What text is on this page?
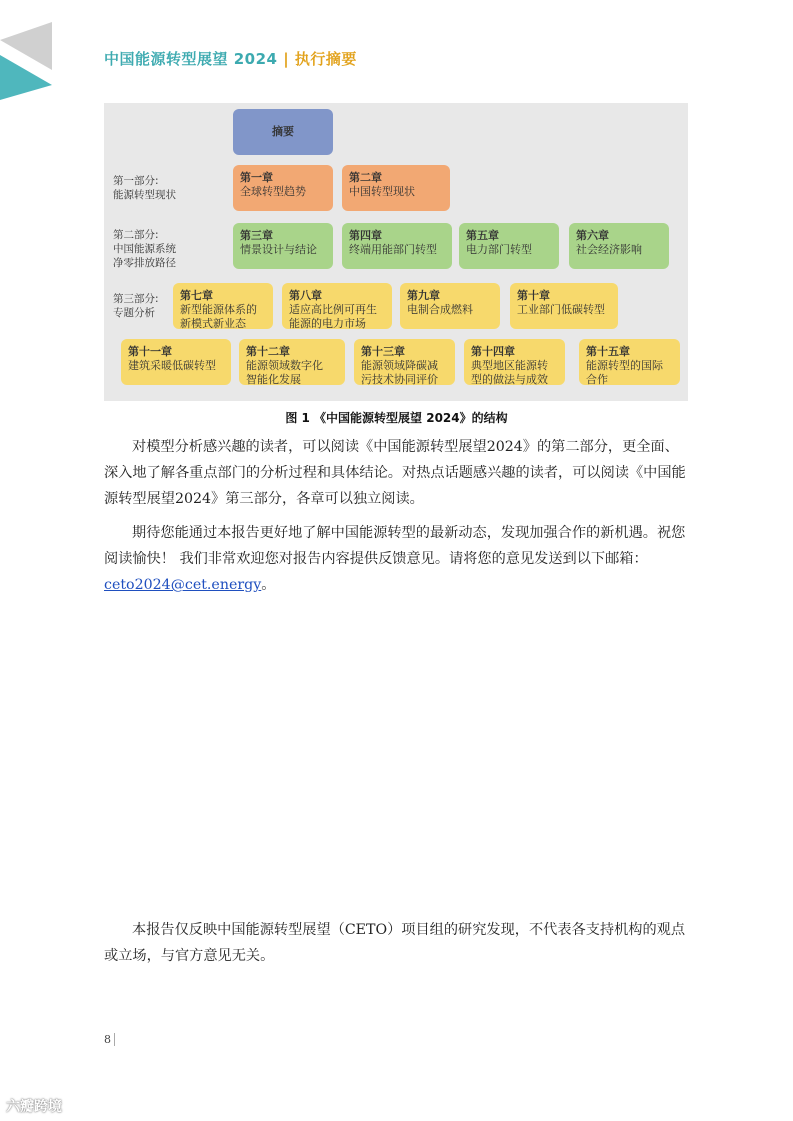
中国能源转型展望 2024 | 执行摘要
摘要
第一部分:
能源转型现状
第二部分:
中国能源系统
净零排放路径
第三部分:
专题分析
第一章
全球转型趋势
第二章
中国转型现状
第三章
情景设计与结论
第四章
终端用能部门转型
第五章
电力部门转型
第六章
社会经济影响
第七章
新型能源体系的
新模式新业态
第八章
适应高比例可再生
能源的电力市场
第九章
电制合成燃料
第十章
工业部门低碳转型
第十一章
建筑采暖低碳转型
第十二章
能源领域数字化
智能化发展
第十三章
能源领域降碳减
污技术协同评价
第十四章
典型地区能源转
型的做法与成效
第十五章
能源转型的国际
合作
图 1 《中国能源转型展望 2024》的结构

对模型分析感兴趣的读者，可以阅读《中国能源转型展望2024》的第二部分，更全面、深入地了解各重点部门的分析过程和具体结论。对热点话题感兴趣的读者，可以阅读《中国能源转型展望2024》第三部分，各章可以独立阅读。

期待您能通过本报告更好地了解中国能源转型的最新动态，发现加强合作的新机遇。祝您阅读愉快！ 我们非常欢迎您对报告内容提供反馈意见。请将您的意见发送到以下邮箱：ceto2024@cet.energy。

本报告仅反映中国能源转型展望（CETO）项目组的研究发现，不代表各支持机构的观点或立场，与官方意见无关。

8
六瓣跨境
